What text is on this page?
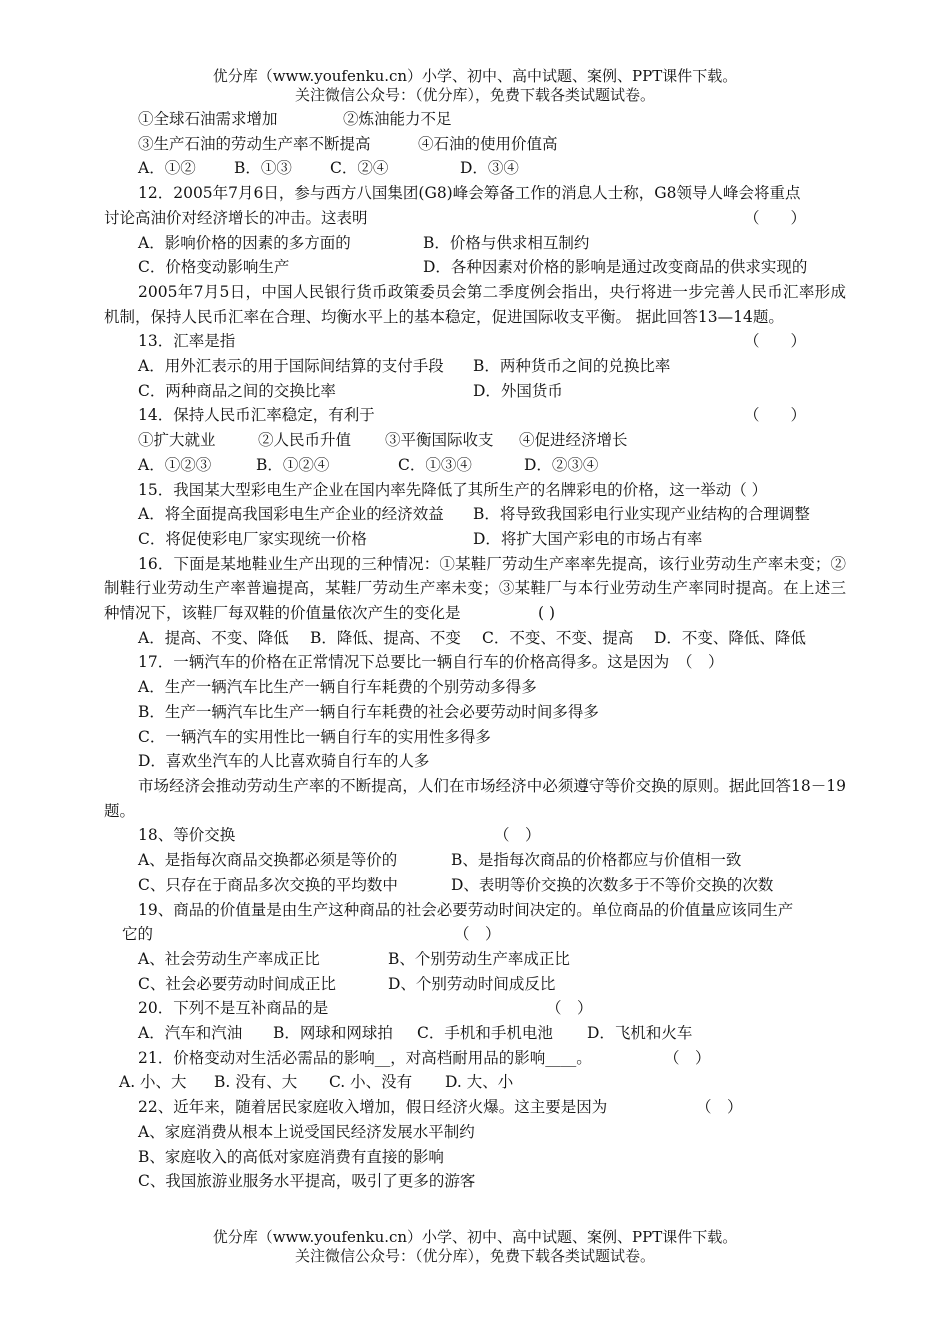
优分库（www.youfenku.cn）小学、初中、高中试题、案例、PPT课件下载。
关注微信公众号：（优分库），免费下载各类试题试卷。
①全球石油需求增加	②炼油能力不足
③生产石油的劳动生产率不断提高	④石油的使用价值高
A．①② B．①③ C．②④	D．③④
12．2005年7月6日，参与西方八国集团(G8)峰会筹备工作的消息人士称，G8领导人峰会将重点
讨论高油价对经济增长的冲击。这表明	（　　）
A．影响价格的因素的多方面的	B．价格与供求相互制约
C．价格变动影响生产	D．各种因素对价格的影响是通过改变商品的供求实现的
2005年7月5日，中国人民银行货币政策委员会第二季度例会指出，央行将进一步完善人民币汇率形成机制，保持人民币汇率在合理、均衡水平上的基本稳定，促进国际收支平衡。 据此回答13—14题。
13．汇率是指	（　　）
A．用外汇表示的用于国际间结算的支付手段 B．两种货币之间的兑换比率
C．两种商品之间的交换比率	D．外国货币
14．保持人民币汇率稳定，有利于	（　　）
①扩大就业	②人民币升值 ③平衡国际收支 ④促进经济增长
A．①②③	B．①②④	C．①③④	D．②③④
15．我国某大型彩电生产企业在国内率先降低了其所生产的名牌彩电的价格，这一举动（ ）
A．将全面提高我国彩电生产企业的经济效益 B．将导致我国彩电行业实现产业结构的合理调整
C．将促使彩电厂家实现统一价格	D．将扩大国产彩电的市场占有率
16．下面是某地鞋业生产出现的三种情况：①某鞋厂劳动生产率率先提高，该行业劳动生产率未变；②制鞋行业劳动生产率普遍提高，某鞋厂劳动生产率未变；③某鞋厂与本行业劳动生产率同时提高。在上述三种情况下，该鞋厂每双鞋的价值量依次产生的变化是　　　　　( )
A．提高、不变、降低 B．降低、提高、不变 C．不变、不变、提高 D．不变、降低、降低
17．一辆汽车的价格在正常情况下总要比一辆自行车的价格高得多。这是因为　（　）
A．生产一辆汽车比生产一辆自行车耗费的个别劳动多得多
B．生产一辆汽车比生产一辆自行车耗费的社会必要劳动时间多得多
C．一辆汽车的实用性比一辆自行车的实用性多得多
D．喜欢坐汽车的人比喜欢骑自行车的人多
市场经济会推动劳动生产率的不断提高，人们在市场经济中必须遵守等价交换的原则。据此回答18－19题。
18、等价交换	（　）
A、是指每次商品交换都必须是等价的	B、是指每次商品的价格都应与价值相一致
C、只存在于商品多次交换的平均数中	D、表明等价交换的次数多于不等价交换的次数
19、商品的价值量是由生产这种商品的社会必要劳动时间决定的。单位商品的价值量应该同生产
它的	（　）
A、社会劳动生产率成正比	B、个别劳动生产率成正比
C、社会必要劳动时间成正比	D、个别劳动时间成反比
20．下列不是互补商品的是	（　）
A．汽车和汽油 B．网球和网球拍 C．手机和手机电池 D．飞机和火车
21．价格变动对生活必需品的影响__，对高档耐用品的影响____。	（　）
A. 小、大 B. 没有、大 C. 小、没有 D. 大、小
22、近年来，随着居民家庭收入增加，假日经济火爆。这主要是因为	（　）
A、家庭消费从根本上说受国民经济发展水平制约
B、家庭收入的高低对家庭消费有直接的影响
C、我国旅游业服务水平提高，吸引了更多的游客
优分库（www.youfenku.cn）小学、初中、高中试题、案例、PPT课件下载。
关注微信公众号：（优分库），免费下载各类试题试卷。
